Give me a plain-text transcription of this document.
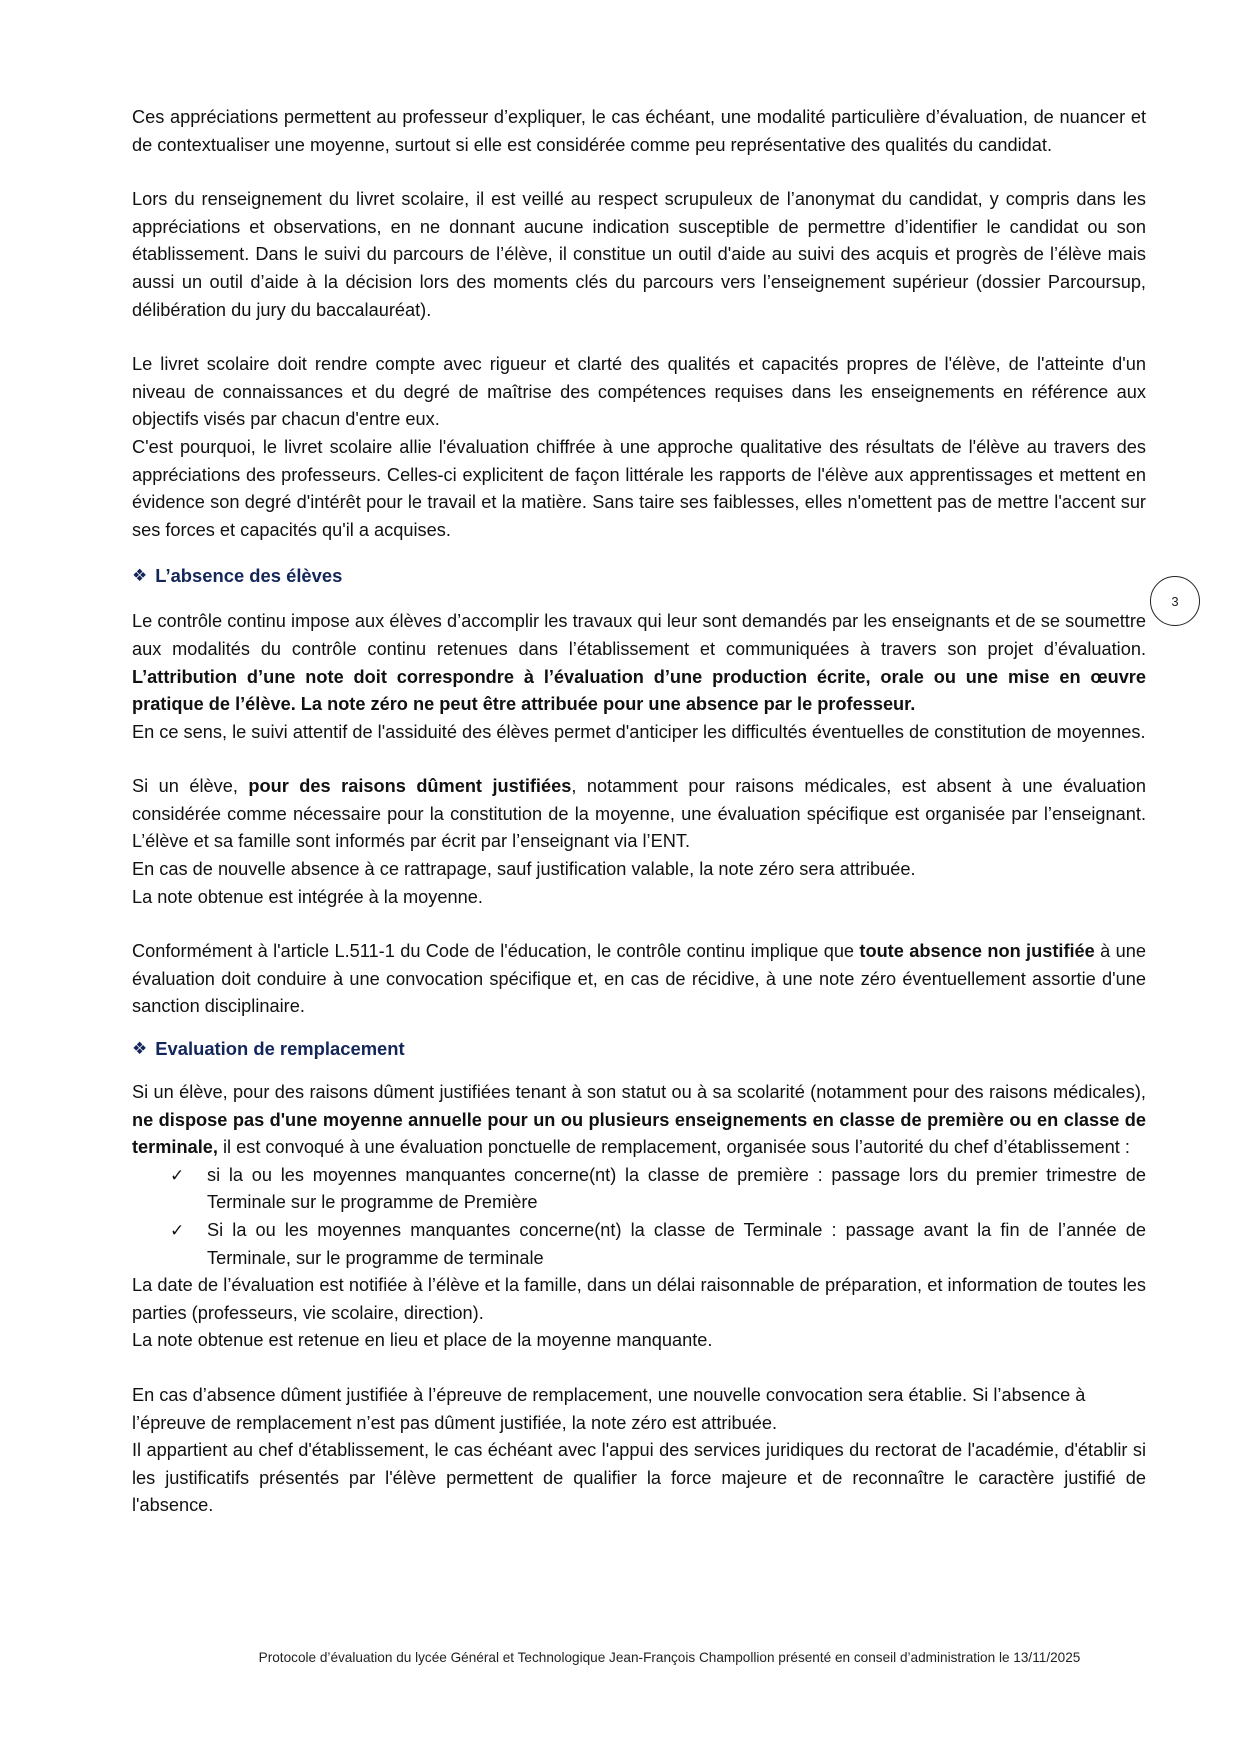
Ces appréciations permettent au professeur d’expliquer, le cas échéant, une modalité particulière d’évaluation, de nuancer et de contextualiser une moyenne, surtout si elle est considérée comme peu représentative des qualités du candidat.

Lors du renseignement du livret scolaire, il est veillé au respect scrupuleux de l’anonymat du candidat, y compris dans les appréciations et observations, en ne donnant aucune indication susceptible de permettre d’identifier le candidat ou son établissement. Dans le suivi du parcours de l’élève, il constitue un outil d'aide au suivi des acquis et progrès de l’élève mais aussi un outil d’aide à la décision lors des moments clés du parcours vers l’enseignement supérieur (dossier Parcoursup, délibération du jury du baccalauréat).

Le livret scolaire doit rendre compte avec rigueur et clarté des qualités et capacités propres de l'élève, de l'atteinte d'un niveau de connaissances et du degré de maîtrise des compétences requises dans les enseignements en référence aux objectifs visés par chacun d'entre eux.

C'est pourquoi, le livret scolaire allie l'évaluation chiffrée à une approche qualitative des résultats de l'élève au travers des appréciations des professeurs. Celles-ci explicitent de façon littérale les rapports de l'élève aux apprentissages et mettent en évidence son degré d'intérêt pour le travail et la matière. Sans taire ses faiblesses, elles n'omettent pas de mettre l'accent sur ses forces et capacités qu'il a acquises.

❖ L’absence des élèves

Le contrôle continu impose aux élèves d’accomplir les travaux qui leur sont demandés par les enseignants et de se soumettre aux modalités du contrôle continu retenues dans l’établissement et communiquées à travers son projet d’évaluation. L’attribution d’une note doit correspondre à l’évaluation d’une production écrite, orale ou une mise en œuvre pratique de l’élève. La note zéro ne peut être attribuée pour une absence par le professeur.

En ce sens, le suivi attentif de l'assiduité des élèves permet d'anticiper les difficultés éventuelles de constitution de moyennes.

Si un élève, pour des raisons dûment justifiées, notamment pour raisons médicales, est absent à une évaluation considérée comme nécessaire pour la constitution de la moyenne, une évaluation spécifique est organisée par l’enseignant. L’élève et sa famille sont informés par écrit par l’enseignant via l’ENT.

En cas de nouvelle absence à ce rattrapage, sauf justification valable, la note zéro sera attribuée.

La note obtenue est intégrée à la moyenne.

Conformément à l'article L.511-1 du Code de l'éducation, le contrôle continu implique que toute absence non justifiée à une évaluation doit conduire à une convocation spécifique et, en cas de récidive, à une note zéro éventuellement assortie d'une sanction disciplinaire.

❖ Evaluation de remplacement

Si un élève, pour des raisons dûment justifiées tenant à son statut ou à sa scolarité (notamment pour des raisons médicales), ne dispose pas d'une moyenne annuelle pour un ou plusieurs enseignements en classe de première ou en classe de terminale, il est convoqué à une évaluation ponctuelle de remplacement, organisée sous l’autorité du chef d’établissement :

✓ si la ou les moyennes manquantes concerne(nt) la classe de première : passage lors du premier trimestre de Terminale sur le programme de Première
✓ Si la ou les moyennes manquantes concerne(nt) la classe de Terminale : passage avant la fin de l’année de Terminale, sur le programme de terminale

La date de l’évaluation est notifiée à l’élève et la famille, dans un délai raisonnable de préparation, et information de toutes les parties (professeurs, vie scolaire, direction).

La note obtenue est retenue en lieu et place de la moyenne manquante.

En cas d’absence dûment justifiée à l’épreuve de remplacement, une nouvelle convocation sera établie. Si l’absence à l’épreuve de remplacement n’est pas dûment justifiée, la note zéro est attribuée.

Il appartient au chef d'établissement, le cas échéant avec l'appui des services juridiques du rectorat de l'académie, d'établir si les justificatifs présentés par l'élève permettent de qualifier la force majeure et de reconnaître le caractère justifié de l'absence.

3
Protocole d’évaluation du lycée Général et Technologique Jean-François Champollion présenté en conseil d’administration le 13/11/2025
